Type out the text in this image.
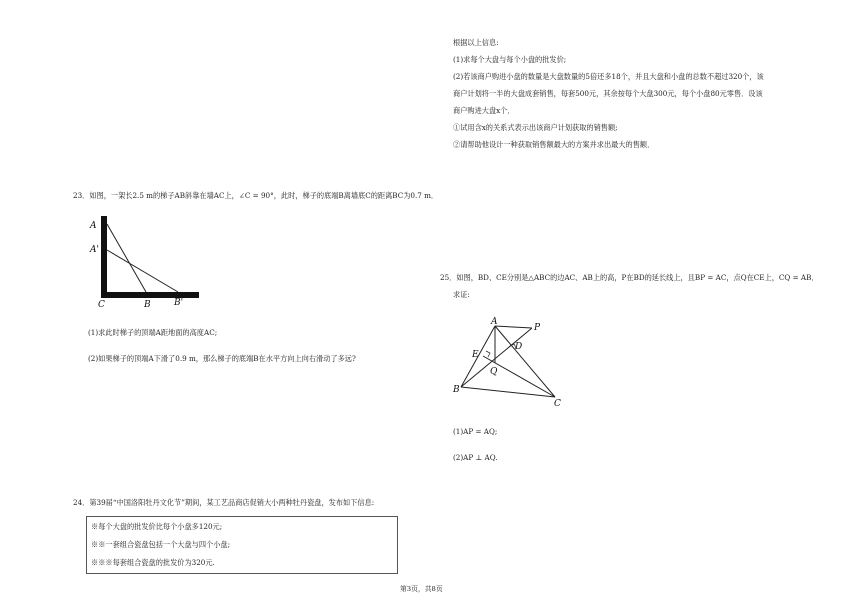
根据以上信息:
(1)求每个大盘与每个小盘的批发价;
(2)若该商户购进小盘的数量是大盘数量的5倍还多18个，并且大盘和小盘的总数不超过320个，该
商户计划将一半的大盘成套销售，每套500元，其余按每个大盘300元，每个小盘80元零售．设该
商户购进大盘x个．
①试用含x的关系式表示出该商户计划获取的销售额;
②请帮助他设计一种获取销售额最大的方案并求出最大的售额．
23．如图，一架长2.5 m的梯子AB斜靠在墙AC上，∠C = 90°，此时，梯子的底端B离墙底C的距离BC为0.7 m．
A
A'
C	B	B'
(1)求此时梯子的顶端A距地面的高度AC;
(2)如果梯子的顶端A下滑了0.9 m，那么梯子的底端B在水平方向上向右滑动了多远?
24．第39届“中国洛阳牡丹文化节”期间，某工艺品商店促销大小两种牡丹瓷盘，发布如下信息:
※每个大盘的批发价比每个小盘多120元;
※※一套组合瓷盘包括一个大盘与四个小盘;
※※※每套组合瓷盘的批发价为320元.
25．如图，BD、CE分别是△ABC的边AC、AB上的高，P在BD的延长线上，且BP = AC，点Q在CE上，CQ = AB．
求证:
A
P
D
E
Q
B
C
(1)AP = AQ;
(2)AP ⊥ AQ.
第3页，共8页
